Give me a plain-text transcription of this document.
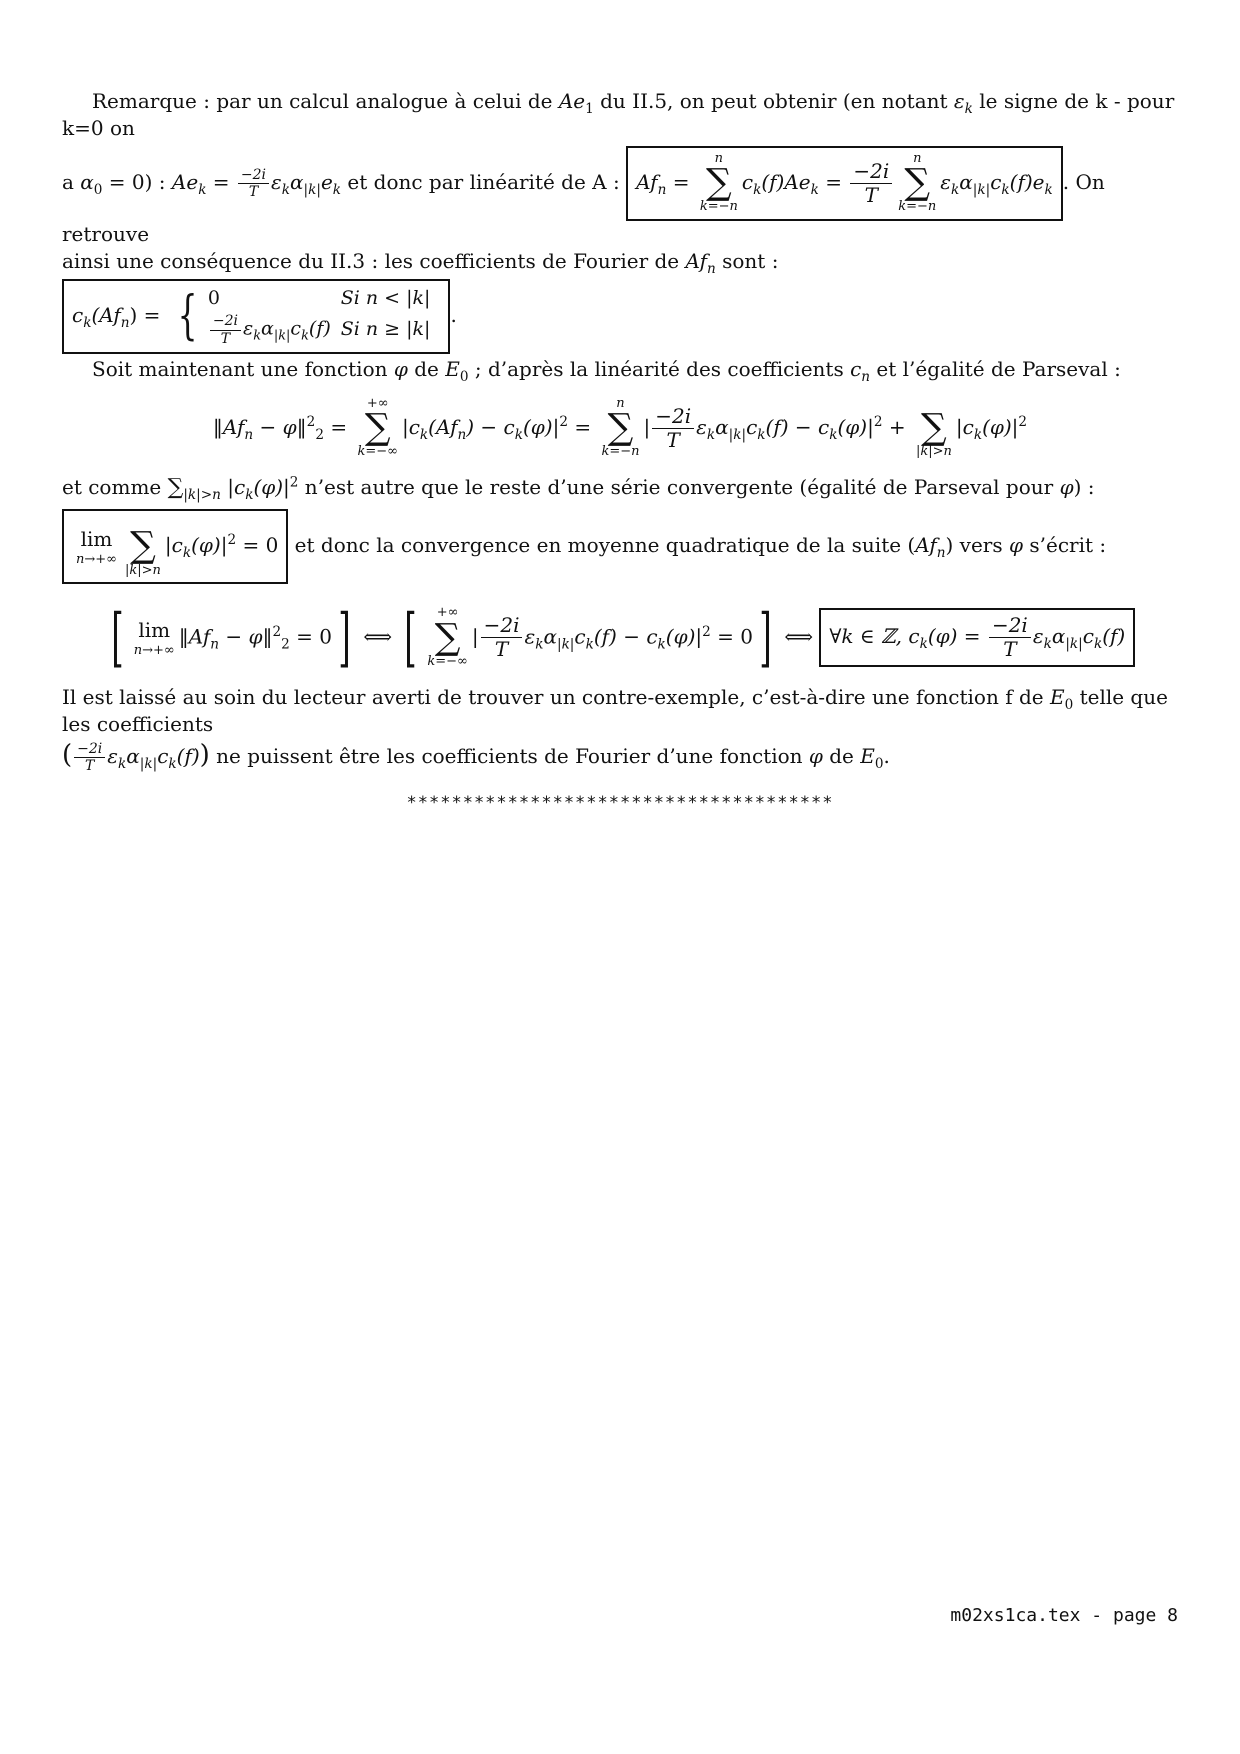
Remarque : par un calcul analogue à celui de $Ae_1$ du II.5, on peut obtenir (en notant $\varepsilon_k$ le signe de k - pour k=0 on

a $\alpha_0 = 0$) : $Ae_k = \frac{-2i}{T} \varepsilon_k\alpha_{|k|}e_k$ et donc par linéarité de A : $Af_n$ =
n
∑
k=−n
$c_k(f)Ae_k = \frac{-2i}{T}$
n
∑
k=−n
$\varepsilon_k\alpha_{|k|}c_k(f)e_k$ . On retrouve

ainsi une conséquence du II.3 : les coefficients de Fourier de $Af_n$ sont :

$c_k(Af_n)$ = { 0	Si n < |k|

$\frac{-2i}{T} \varepsilon_k\alpha_{|k|}c_k(f)$	Si n ≥ |k|
.

Soit maintenant une fonction φ de $E_0$ ; d’après la linéarité des coefficients $c_n$ et l’égalité de Parseval :

$‖Af_n$ − φ‖$^2_2$ =
+∞
∑
k=−∞
$|c_k(Af_n) - c_k(\varphi)|^2$ =
n
∑
k=−n
| $\frac{-2i}{T} \varepsilon_k\alpha_{|k|}c_k(f) - c_k(\varphi)|^2$ +
∑
|k|>n
$|c_k(\varphi)|^2$

et comme $\sum_{|k|>n}$ $|c_k(\varphi)|^2$ n’est autre que le reste d’une série convergente (égalité de Parseval pour φ) :

lim
n→+∞
∑
|k|>n
$|c_k(\varphi)|^2 = 0$ et donc la convergence en moyenne quadratique de la suite $(Af_n)$ vers φ s’écrit :
[ lim
n→+∞
$‖Af_n$ − φ‖$^2_2$ = 0] ⟺ [ +∞
∑
k=−∞
| $\frac{-2i}{T} \varepsilon_k\alpha_{|k|}c_k(f) - c_k(\varphi)|^2 = 0$] ⟺ ∀k ∈ ℤ, $c_k(\varphi) = \frac{-2i}{T} \varepsilon_k\alpha_{|k|}c_k(f)$

Il est laissé au soin du lecteur averti de trouver un contre-exemple, c’est-à-dire une fonction f de $E_0$ telle que les coefficients

( $\frac{-2i}{T} \varepsilon_k\alpha_{|k|}c_k(f)$) ne puissent être les coefficients de Fourier d’une fonction φ de $E_0$.

**************************************
m02xs1ca.tex - page 8
